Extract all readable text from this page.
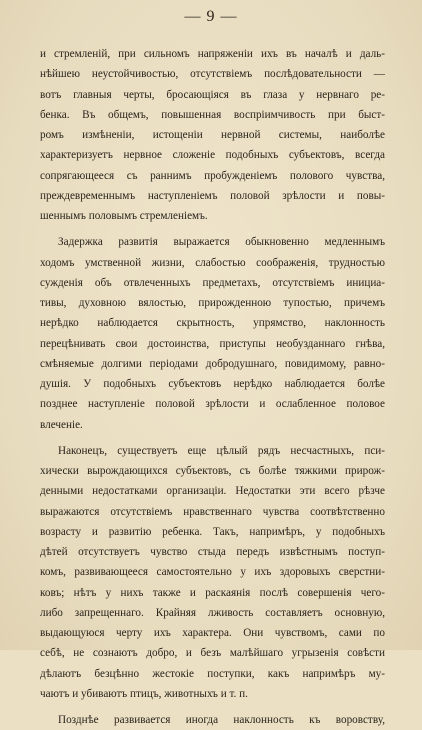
— 9 —
и стремленій, при сильномъ напряженіи ихъ въ началѣ и даль-
нѣйшею неустойчивостью, отсутствіемъ послѣдовательности —
вотъ главныя черты, бросающіяся въ глаза у нервнаго ре-
бенка. Въ общемъ, повышенная воспріимчивость при быст-
ромъ измѣненіи, истощеніи нервной системы, наиболѣе
характеризуетъ нервное сложеніе подобныхъ субъектовъ, всегда
сопрягающееся съ раннимъ пробужденіемъ полового чувства,
преждевременнымъ наступленіемъ половой зрѣлости и повы-
шеннымъ половымъ стремленіемъ.
Задержка развитія выражается обыкновенно медленнымъ
ходомъ умственной жизни, слабостью соображенія, трудностью
сужденія объ отвлеченныхъ предметахъ, отсутствіемъ инициа-
тивы, духовною вялостью, прирожденною тупостью, причемъ
нерѣдко наблюдается скрытность, упрямство, наклонность
перецѣнивать свои достоинства, приступы необузданнаго гнѣва,
смѣняемые долгими періодами добродушнаго, повидимому, равно-
душія. У подобныхъ субъектовъ нерѣдко наблюдается болѣе
позднее наступленіе половой зрѣлости и ослабленное половое
влеченіе.
Наконецъ, существуетъ еще цѣлый рядъ несчастныхъ, пси-
хически вырождающихся субъектовъ, съ болѣе тяжкими прирож-
денными недостатками организаціи. Недостатки эти всего рѣзче
выражаются отсутствіемъ нравственнаго чувства соотвѣтственно
возрасту и развитію ребенка. Такъ, напримѣръ, у подобныхъ
дѣтей отсутствуетъ чувство стыда передъ извѣстнымъ поступ-
комъ, развивающееся самостоятельно у ихъ здоровыхъ сверстни-
ковъ; нѣтъ у нихъ также и раскаянія послѣ совершенія чего-
либо запрещеннаго. Крайняя лживость составляетъ основную,
выдающуюся черту ихъ характера. Они чувствомъ, сами по
себѣ, не сознаютъ добро, и безъ малѣйшаго угрызенія совѣсти
дѣлаютъ безцѣнно жестокіе поступки, какъ напримѣръ му-
чаютъ и убиваютъ птицъ, животныхъ и т. п.
Позднѣе развивается иногда наклонность къ воровству,
